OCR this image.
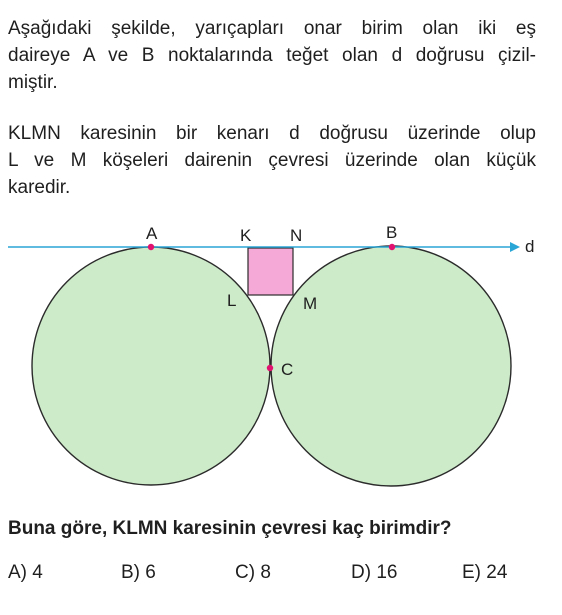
Aşağıdaki şekilde, yarıçapları onar birim olan iki eş
daireye A ve B noktalarında teğet olan d doğrusu çizil-
miştir.
KLMN karesinin bir kenarı d doğrusu üzerinde olup
L ve M köşeleri dairenin çevresi üzerinde olan küçük
karedir.
A	K N	B
d
L	M
C

Buna göre, KLMN karesinin çevresi kaç birimdir?

A) 4	B) 6	C) 8	D) 16	E) 24
